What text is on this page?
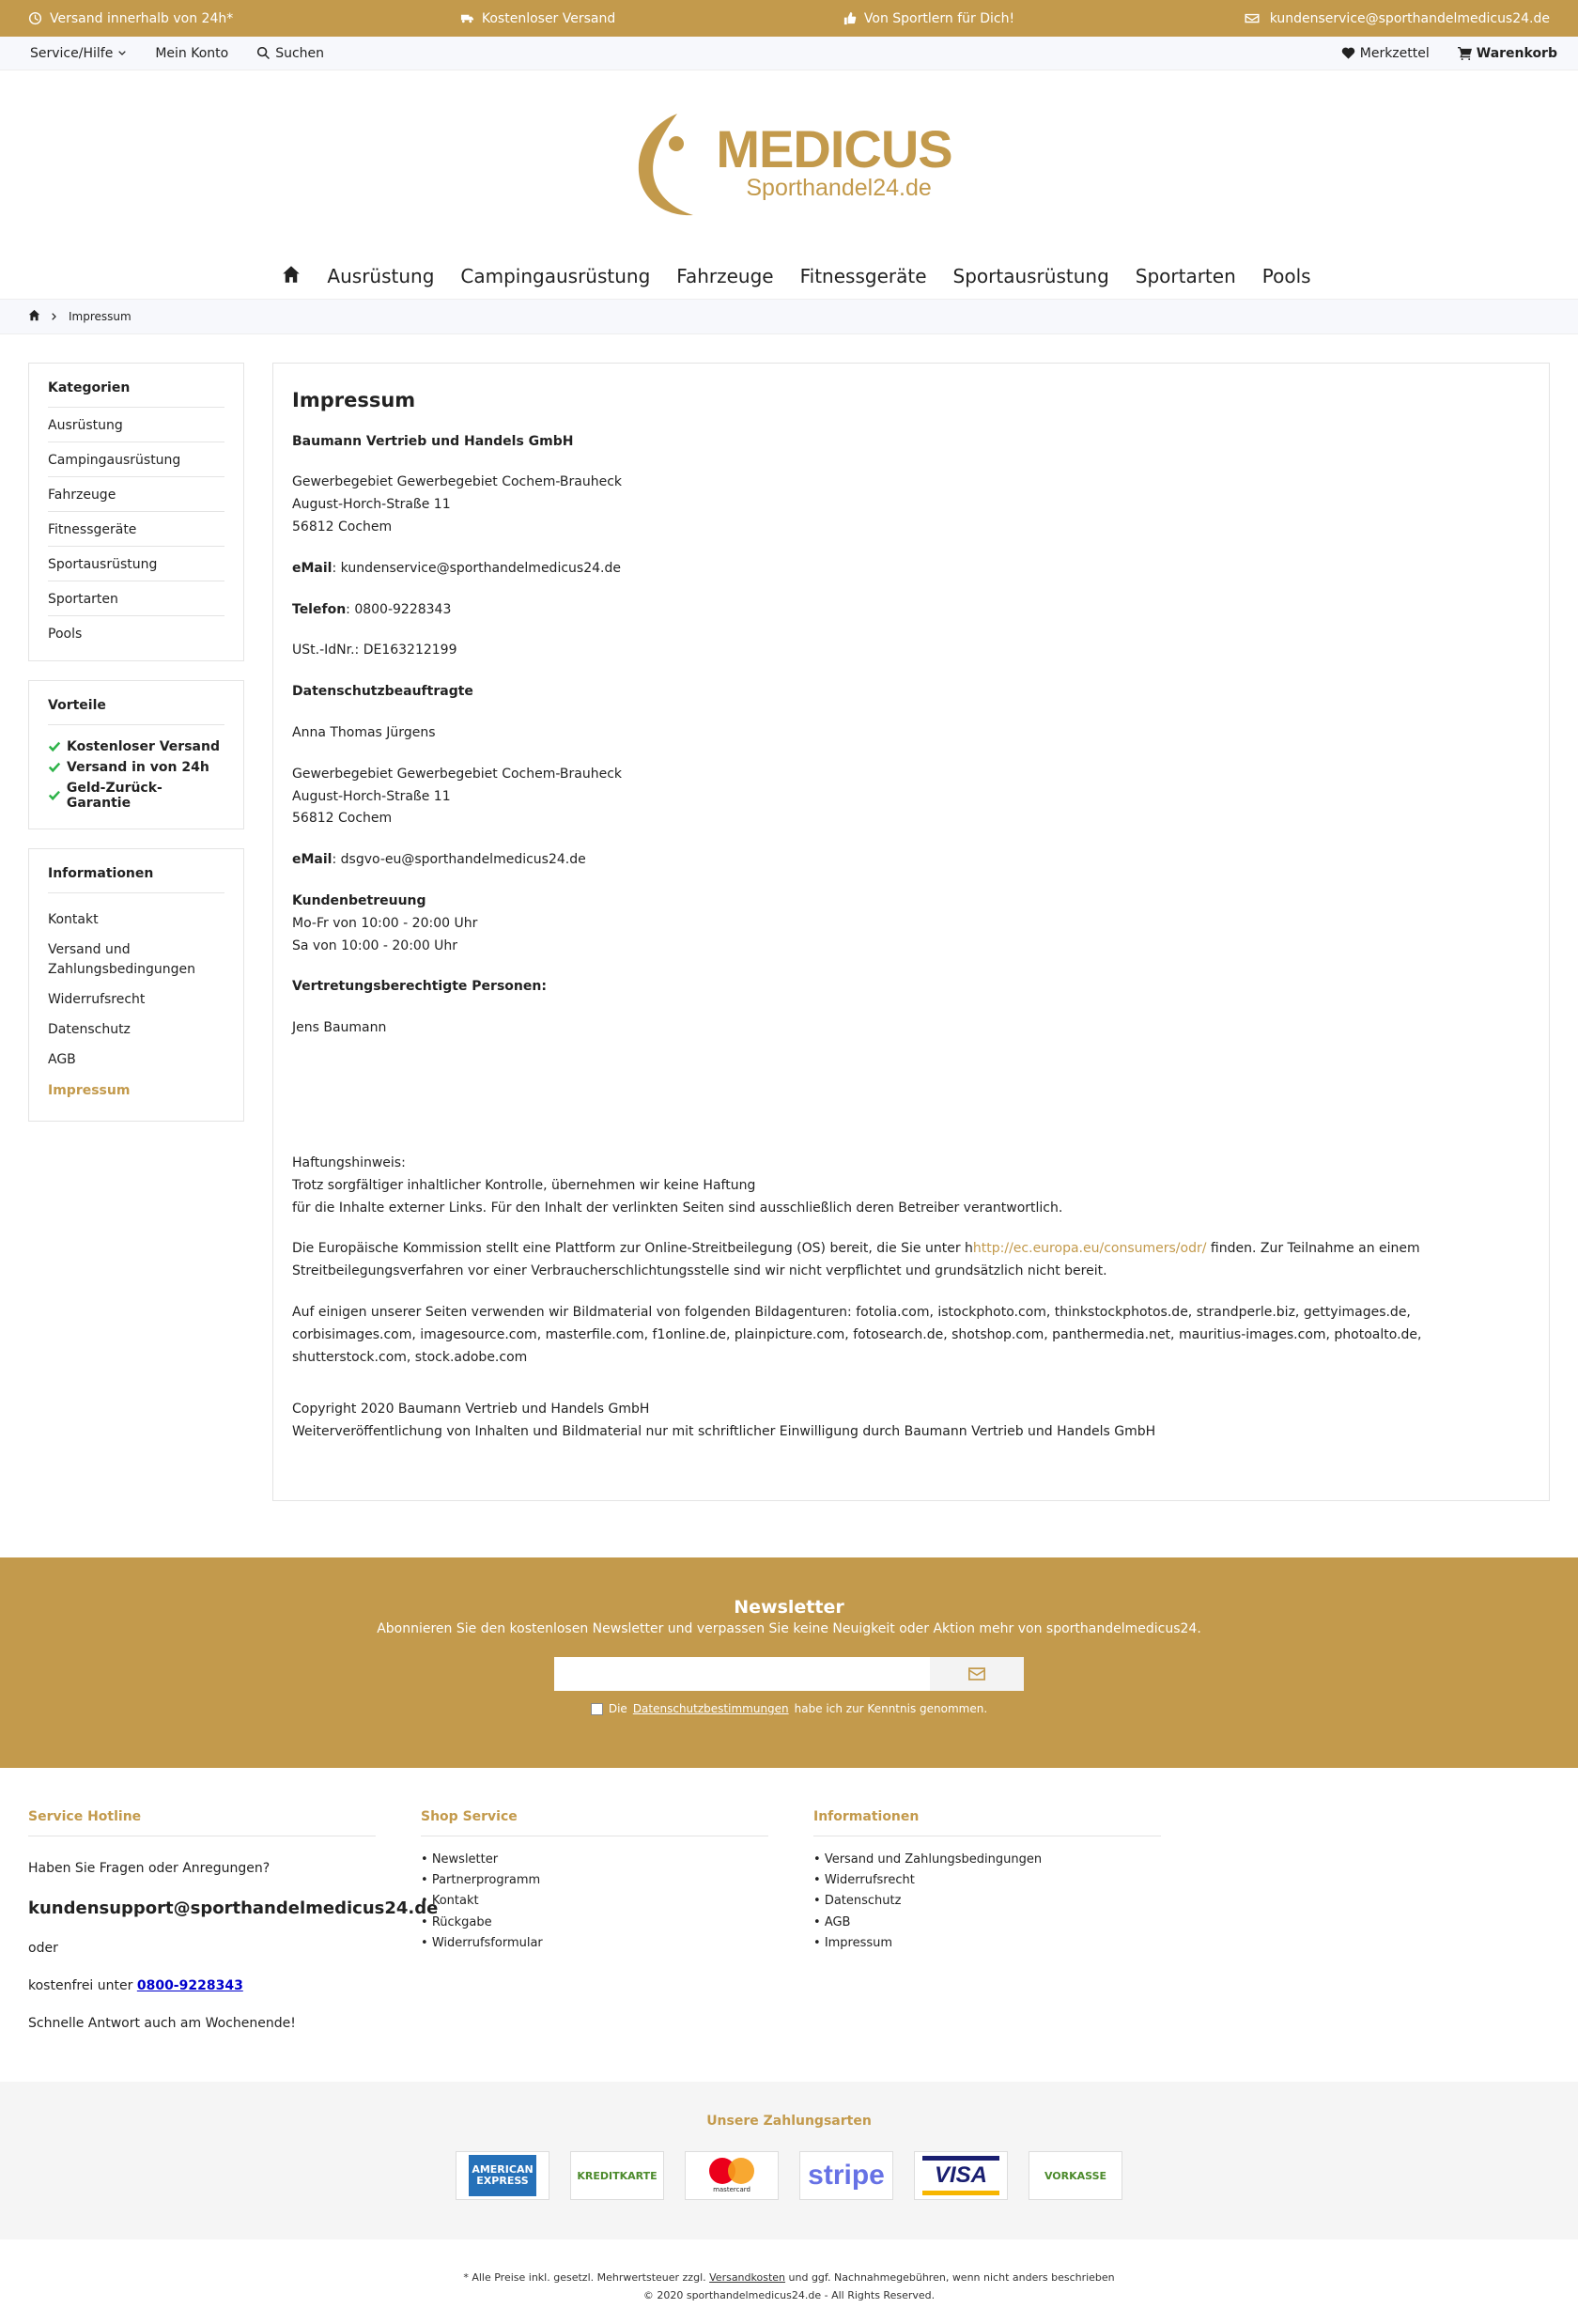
Versand innerhalb von 24h*	Kostenloser Versand	Von Sportlern für Dich!	kundenservice@sporthandelmedicus24.de
Service/Hilfe	Mein Konto	Suchen	Merkzettel	Warenkorb
MEDICUS
Sporthandel24.de
Ausrüstung Campingausrüstung Fahrzeuge Fitnessgeräte Sportausrüstung Sportarten Pools
Impressum
Kategorien
Ausrüstung
Campingausrüstung
Fahrzeuge
Fitnessgeräte
Sportausrüstung
Sportarten
Pools
Vorteile
Kostenloser Versand
Versand in von 24h
Geld-Zurück-Garantie
Informationen
Kontakt
Versand und Zahlungsbedingungen
Widerrufsrecht
Datenschutz
AGB
Impressum
Impressum

Baumann Vertrieb und Handels GmbH

Gewerbegebiet Gewerbegebiet Cochem-Brauheck
August-Horch-Straße 11
56812 Cochem

eMail: kundenservice@sporthandelmedicus24.de

Telefon: 0800-9228343

USt.-IdNr.: DE163212199

Datenschutzbeauftragte

Anna Thomas Jürgens

Gewerbegebiet Gewerbegebiet Cochem-Brauheck
August-Horch-Straße 11
56812 Cochem

eMail: dsgvo-eu@sporthandelmedicus24.de

Kundenbetreuung
Mo-Fr von 10:00 - 20:00 Uhr
Sa von 10:00 - 20:00 Uhr

Vertretungsberechtigte Personen:

Jens Baumann

Haftungshinweis:
Trotz sorgfältiger inhaltlicher Kontrolle, übernehmen wir keine Haftung
für die Inhalte externer Links. Für den Inhalt der verlinkten Seiten sind ausschließlich deren Betreiber verantwortlich.

Die Europäische Kommission stellt eine Plattform zur Online-Streitbeilegung (OS) bereit, die Sie unter hhttp://ec.europa.eu/consumers/odr/ finden. Zur Teilnahme an einem Streitbeilegungsverfahren vor einer Verbraucherschlichtungsstelle sind wir nicht verpflichtet und grundsätzlich nicht bereit.

Auf einigen unserer Seiten verwenden wir Bildmaterial von folgenden Bildagenturen: fotolia.com, istockphoto.com, thinkstockphotos.de, strandperle.biz, gettyimages.de, corbisimages.com, imagesource.com, masterfile.com, f1online.de, plainpicture.com, fotosearch.de, shotshop.com, panthermedia.net, mauritius-images.com, photoalto.de, shutterstock.com, stock.adobe.com

Copyright 2020 Baumann Vertrieb und Handels GmbH
Weiterveröffentlichung von Inhalten und Bildmaterial nur mit schriftlicher Einwilligung durch Baumann Vertrieb und Handels GmbH

Newsletter
Abonnieren Sie den kostenlosen Newsletter und verpassen Sie keine Neuigkeit oder Aktion mehr von sporthandelmedicus24.
Die Datenschutzbestimmungen habe ich zur Kenntnis genommen.
Service Hotline

Haben Sie Fragen oder Anregungen?

kundensupport@sporthandelmedicus24.de

oder

kostenfrei unter 0800-9228343

Schnelle Antwort auch am Wochenende!

Shop Service
• Newsletter
• Partnerprogramm
• Kontakt
• Rückgabe
• Widerrufsformular
Informationen
• Versand und Zahlungsbedingungen
• Widerrufsrecht
• Datenschutz
• AGB
• Impressum
Unsere Zahlungsarten
AMERICAN EXPRESS	KREDITKARTE
mastercard stripe	VISA	VORKASSE
* Alle Preise inkl. gesetzl. Mehrwertsteuer zzgl. Versandkosten und ggf. Nachnahmegebühren, wenn nicht anders beschrieben
© 2020 sporthandelmedicus24.de - All Rights Reserved.
